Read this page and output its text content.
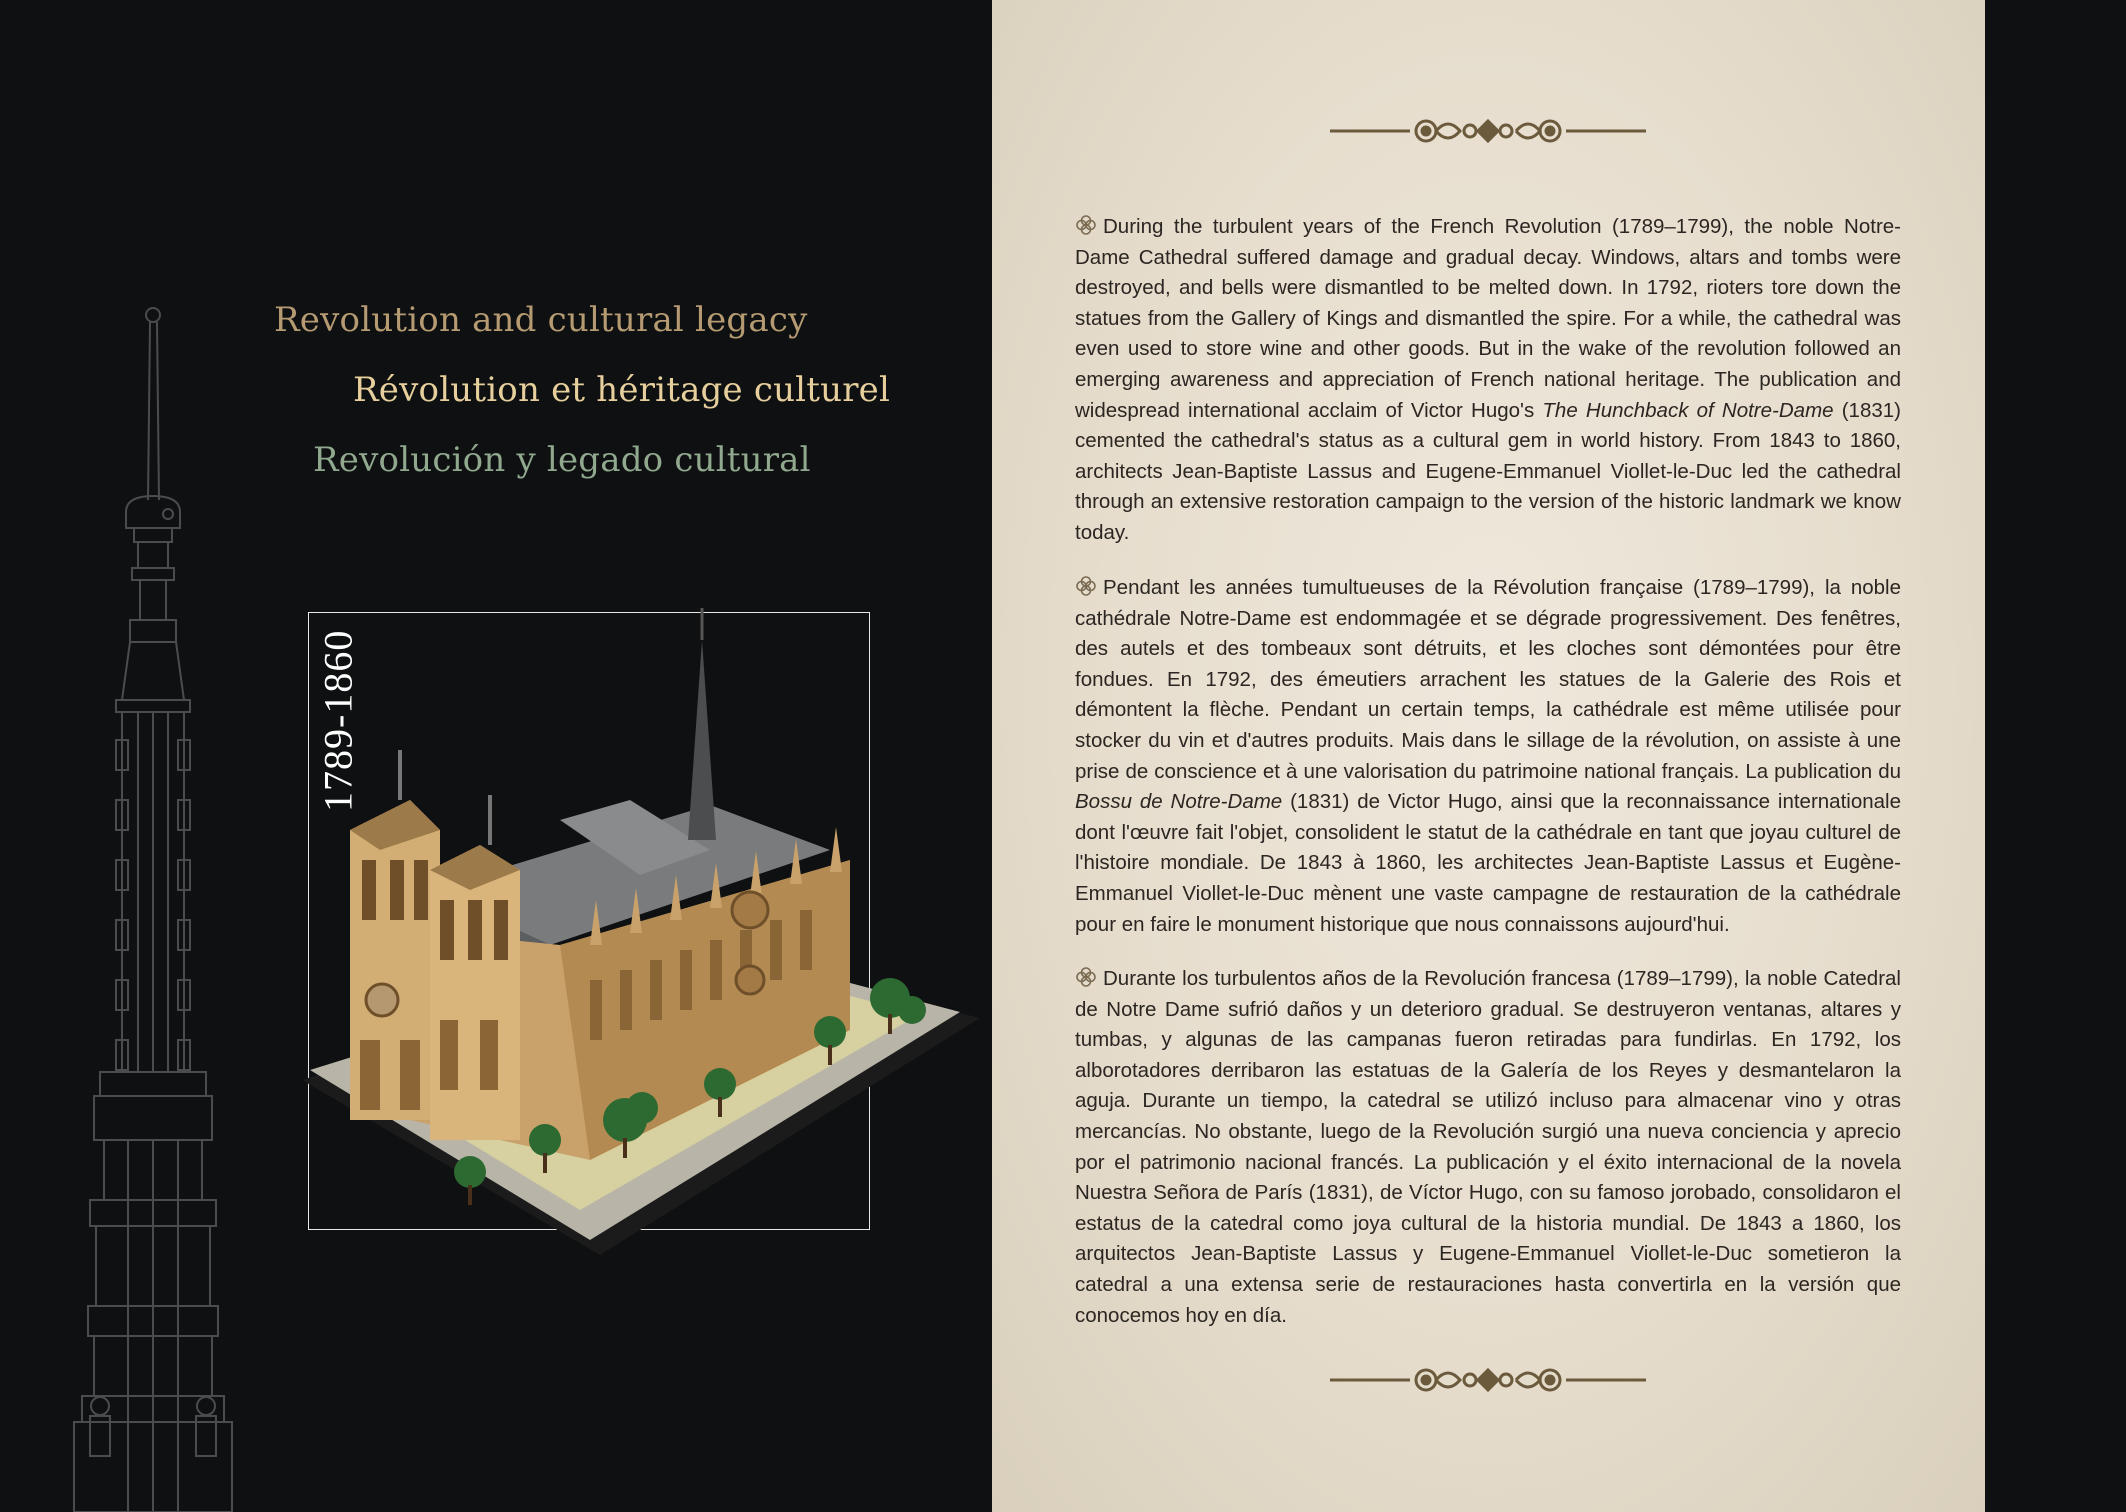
Revolution and cultural legacy
Révolution et héritage culturel
Revolución y legado cultural
1789-1860

During the turbulent years of the French Revolution (1789–1799), the noble Notre-Dame Cathedral suffered damage and gradual decay. Windows, altars and tombs were destroyed, and bells were dismantled to be melted down. In 1792, rioters tore down the statues from the Gallery of Kings and dismantled the spire. For a while, the cathedral was even used to store wine and other goods. But in the wake of the revolution followed an emerging awareness and appreciation of French national heritage. The publication and widespread international acclaim of Victor Hugo's The Hunchback of Notre-Dame (1831) cemented the cathedral's status as a cultural gem in world history. From 1843 to 1860, architects Jean-Baptiste Lassus and Eugene-Emmanuel Viollet-le-Duc led the cathedral through an extensive restoration campaign to the version of the historic landmark we know today.

Pendant les années tumultueuses de la Révolution française (1789–1799), la noble cathédrale Notre-Dame est endommagée et se dégrade progressivement. Des fenêtres, des autels et des tombeaux sont détruits, et les cloches sont démontées pour être fondues. En 1792, des émeutiers arrachent les statues de la Galerie des Rois et démontent la flèche. Pendant un certain temps, la cathédrale est même utilisée pour stocker du vin et d'autres produits. Mais dans le sillage de la révolution, on assiste à une prise de conscience et à une valorisation du patrimoine national français. La publication du Bossu de Notre-Dame (1831) de Victor Hugo, ainsi que la reconnaissance internationale dont l'œuvre fait l'objet, consolident le statut de la cathédrale en tant que joyau culturel de l'histoire mondiale. De 1843 à 1860, les architectes Jean-Baptiste Lassus et Eugène-Emmanuel Viollet-le-Duc mènent une vaste campagne de restauration de la cathédrale pour en faire le monument historique que nous connaissons aujourd'hui.

Durante los turbulentos años de la Revolución francesa (1789–1799), la noble Catedral de Notre Dame sufrió daños y un deterioro gradual. Se destruyeron ventanas, altares y tumbas, y algunas de las campanas fueron retiradas para fundirlas. En 1792, los alborotadores derribaron las estatuas de la Galería de los Reyes y desmantelaron la aguja. Durante un tiempo, la catedral se utilizó incluso para almacenar vino y otras mercancías. No obstante, luego de la Revolución surgió una nueva conciencia y aprecio por el patrimonio nacional francés. La publicación y el éxito internacional de la novela Nuestra Señora de París (1831), de Víctor Hugo, con su famoso jorobado, consolidaron el estatus de la catedral como joya cultural de la historia mundial. De 1843 a 1860, los arquitectos Jean-Baptiste Lassus y Eugene-Emmanuel Viollet-le-Duc sometieron la catedral a una extensa serie de restauraciones hasta convertirla en la versión que conocemos hoy en día.
